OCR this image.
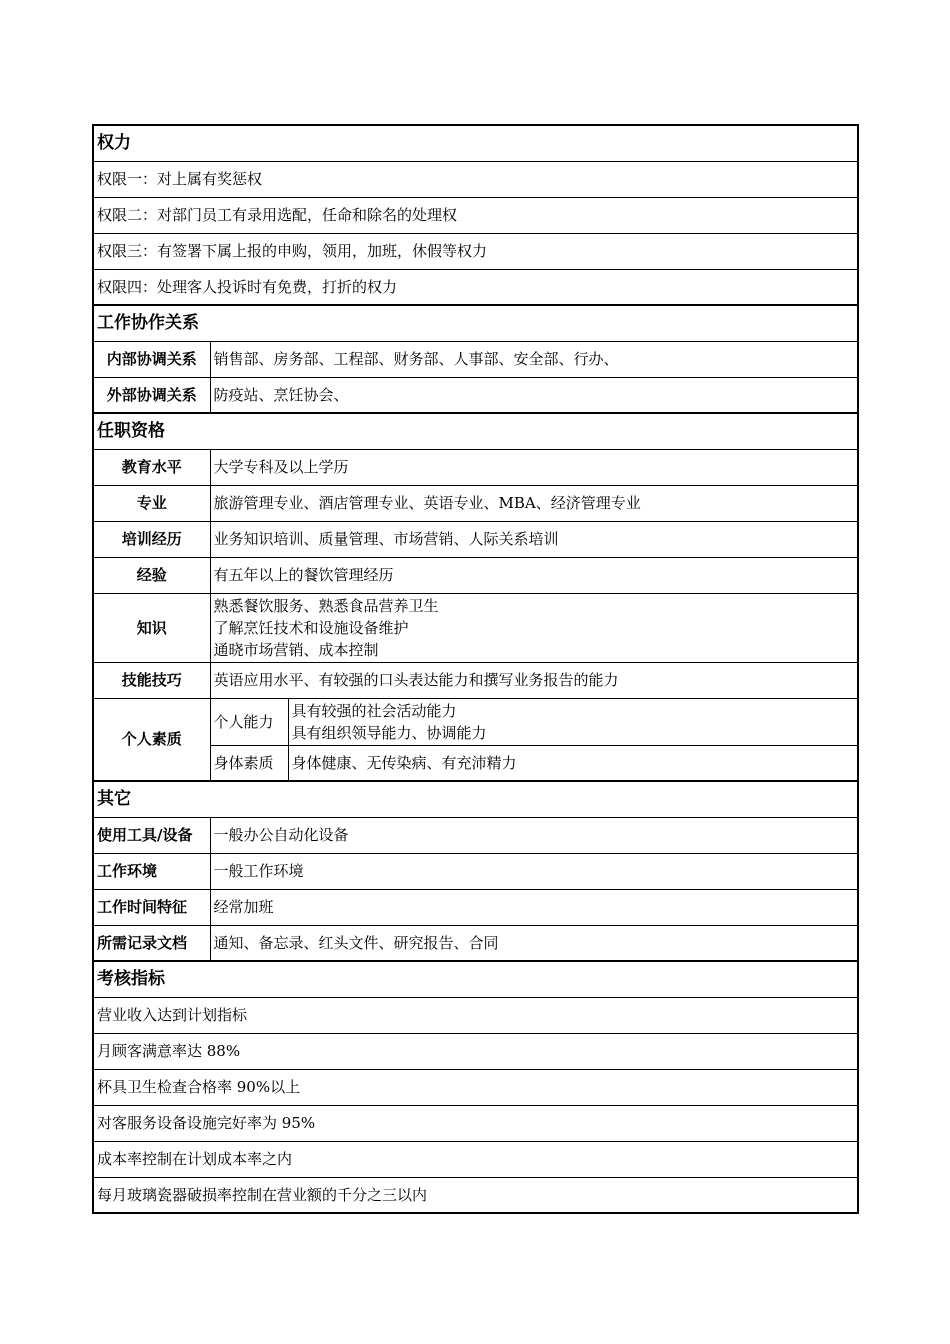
权力		
权限一：对上属有奖惩权		
权限二：对部门员工有录用选配，任命和除名的处理权		
权限三：有签署下属上报的申购，领用，加班，休假等权力		
权限四：处理客人投诉时有免费，打折的权力		
工作协作关系		
内部协调关系	销售部、房务部、工程部、财务部、人事部、安全部、行办、	
外部协调关系	防疫站、烹饪协会、	
任职资格		
教育水平	大学专科及以上学历	
专业	旅游管理专业、酒店管理专业、英语专业、MBA、经济管理专业	
培训经历	业务知识培训、质量管理、市场营销、人际关系培训	
经验	有五年以上的餐饮管理经历	
知识	熟悉餐饮服务、熟悉食品营养卫生
了解烹饪技术和设施设备维护
通晓市场营销、成本控制	

技能技巧	英语应用水平、有较强的口头表达能力和撰写业务报告的能力	
个人素质	个人能力	具有较强的社会活动能力
具有组织领导能力、协调能力

	身体素质	身体健康、无传染病、有充沛精力
其它		
使用工具/设备	一般办公自动化设备	
工作环境	一般工作环境	
工作时间特征	经常加班	
所需记录文档	通知、备忘录、红头文件、研究报告、合同	
考核指标		
营业收入达到计划指标		
月顾客满意率达 88%		
杯具卫生检查合格率 90%以上		
对客服务设备设施完好率为 95%		
成本率控制在计划成本率之内		
每月玻璃瓷器破损率控制在营业额的千分之三以内		
